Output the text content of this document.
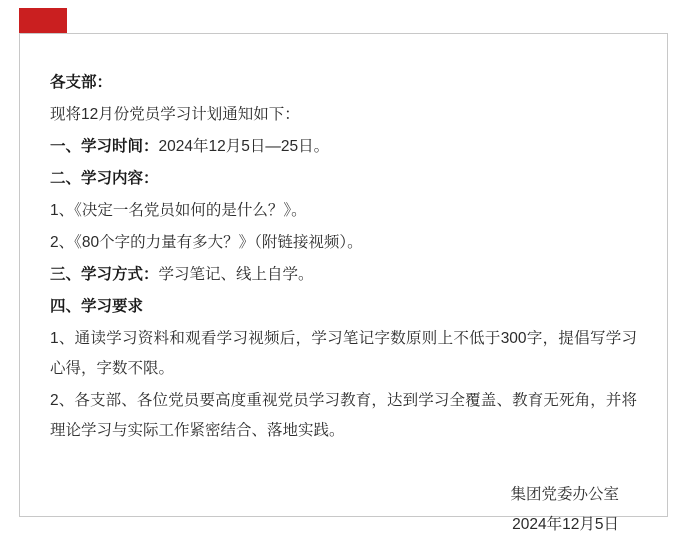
各支部：

现将12月份党员学习计划通知如下：

一、学习时间：2024年12月5日—25日。

二、学习内容：

1、《决定一名党员如何的是什么？》。

2、《80个字的力量有多大？》（附链接视频）。

三、学习方式：学习笔记、线上自学。

四、学习要求

1、通读学习资料和观看学习视频后，学习笔记字数原则上不低于300字，提倡写学习心得，字数不限。

2、各支部、各位党员要高度重视党员学习教育，达到学习全覆盖、教育无死角，并将理论学习与实际工作紧密结合、落地实践。

集团党委办公室
2024年12月5日
